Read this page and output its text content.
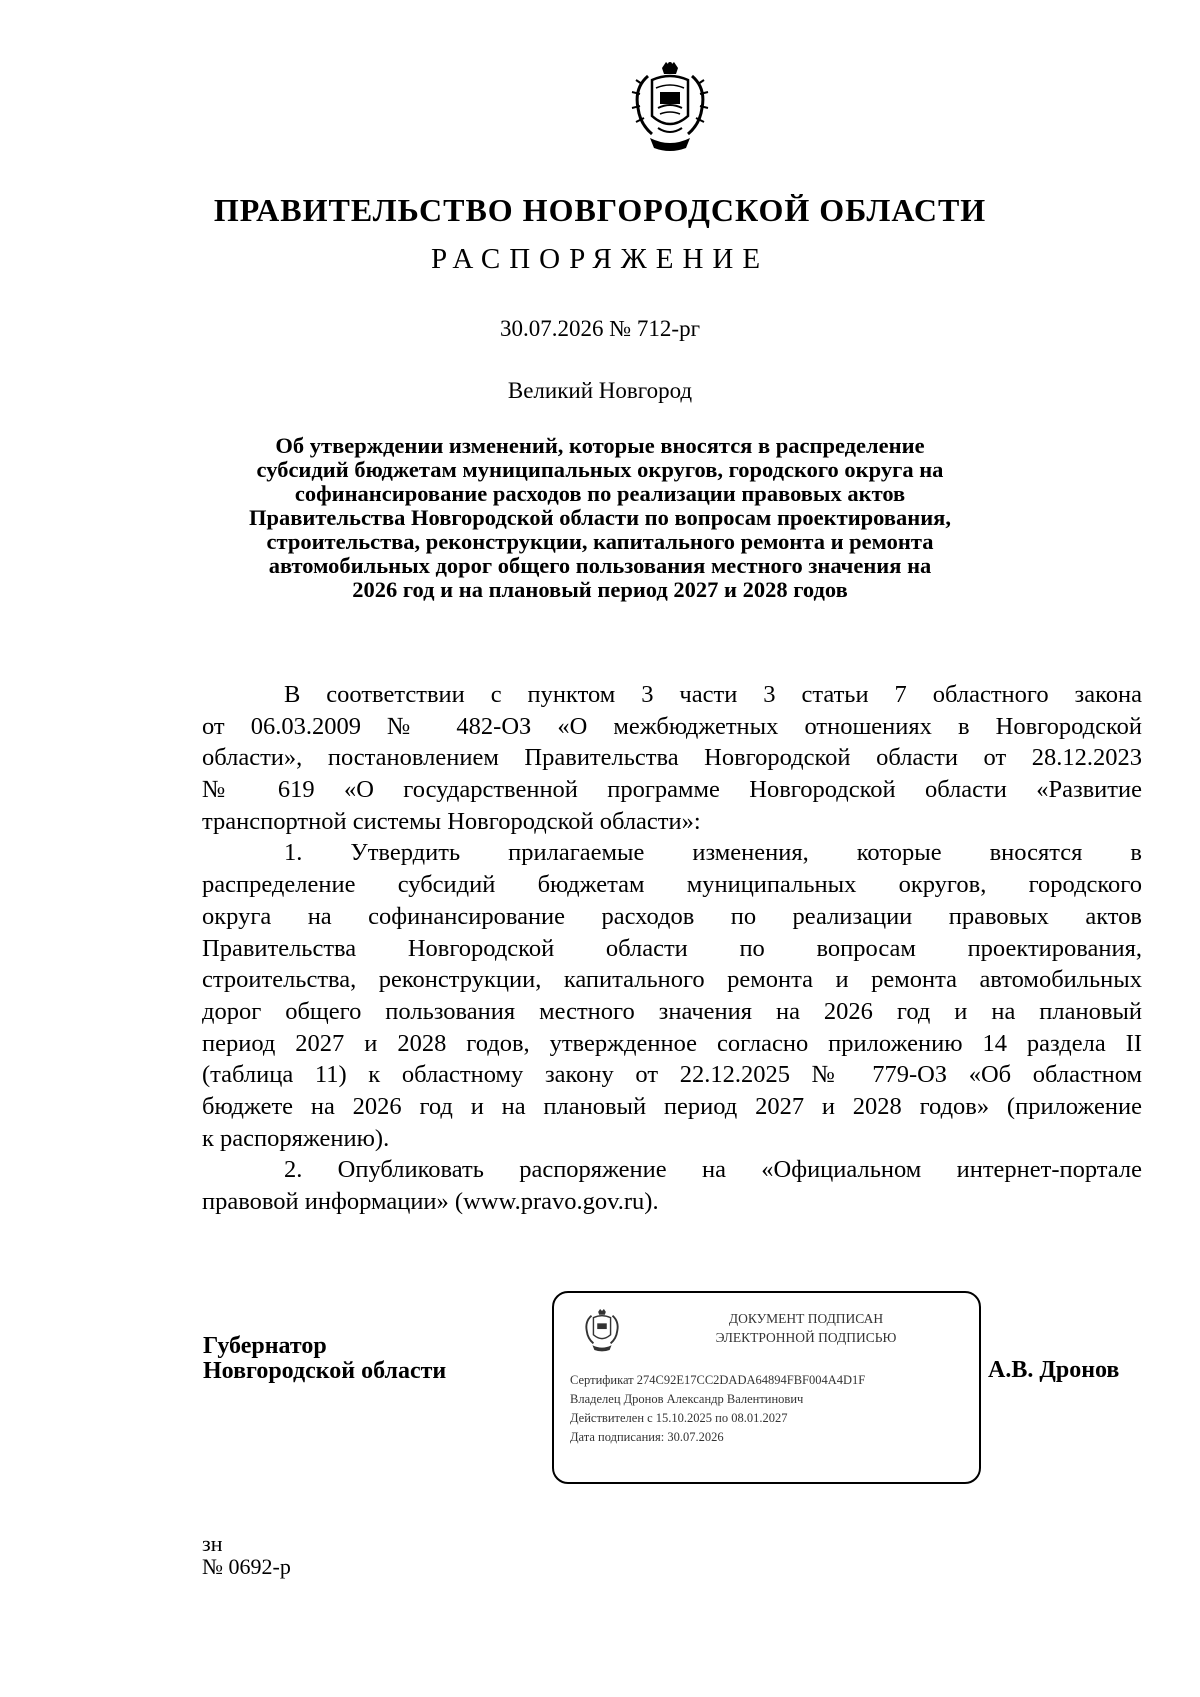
ПРАВИТЕЛЬСТВО НОВГОРОДСКОЙ ОБЛАСТИ
РАСПОРЯЖЕНИЕ
30.07.2026 № 712-рг
Великий Новгород
Об утверждении изменений, которые вносятся в распределение
субсидий бюджетам муниципальных округов, городского округа на
софинансирование расходов по реализации правовых актов
Правительства Новгородской области по вопросам проектирования,
строительства, реконструкции, капитального ремонта и ремонта
автомобильных дорог общего пользования местного значения на
2026 год и на плановый период 2027 и 2028 годов
В соответствии с пунктом 3 части 3 статьи 7 областного закона
от 06.03.2009 № 482-ОЗ «О межбюджетных отношениях в Новгородской
области», постановлением Правительства Новгородской области от 28.12.2023
№ 619 «О государственной программе Новгородской области «Развитие
транспортной системы Новгородской области»:
1. Утвердить прилагаемые изменения, которые вносятся в
распределение субсидий бюджетам муниципальных округов, городского
округа на софинансирование расходов по реализации правовых актов
Правительства Новгородской области по вопросам проектирования,
строительства, реконструкции, капитального ремонта и ремонта автомобильных
дорог общего пользования местного значения на 2026 год и на плановый
период 2027 и 2028 годов, утвержденное согласно приложению 14 раздела II
(таблица 11) к областному закону от 22.12.2025 № 779-ОЗ «Об областном
бюджете на 2026 год и на плановый период 2027 и 2028 годов» (приложение
к распоряжению).
2. Опубликовать распоряжение на «Официальном интернет-портале
правовой информации» (www.pravo.gov.ru).
Губернатор
Новгородской области
ДОКУМЕНТ ПОДПИСАН
ЭЛЕКТРОННОЙ ПОДПИСЬЮ
Сертификат 274C92E17CC2DADA64894FBF004A4D1F
Владелец Дронов Александр Валентинович
Действителен с 15.10.2025 по 08.01.2027
Дата подписания: 30.07.2026
А.В. Дронов
зн
№ 0692-р
